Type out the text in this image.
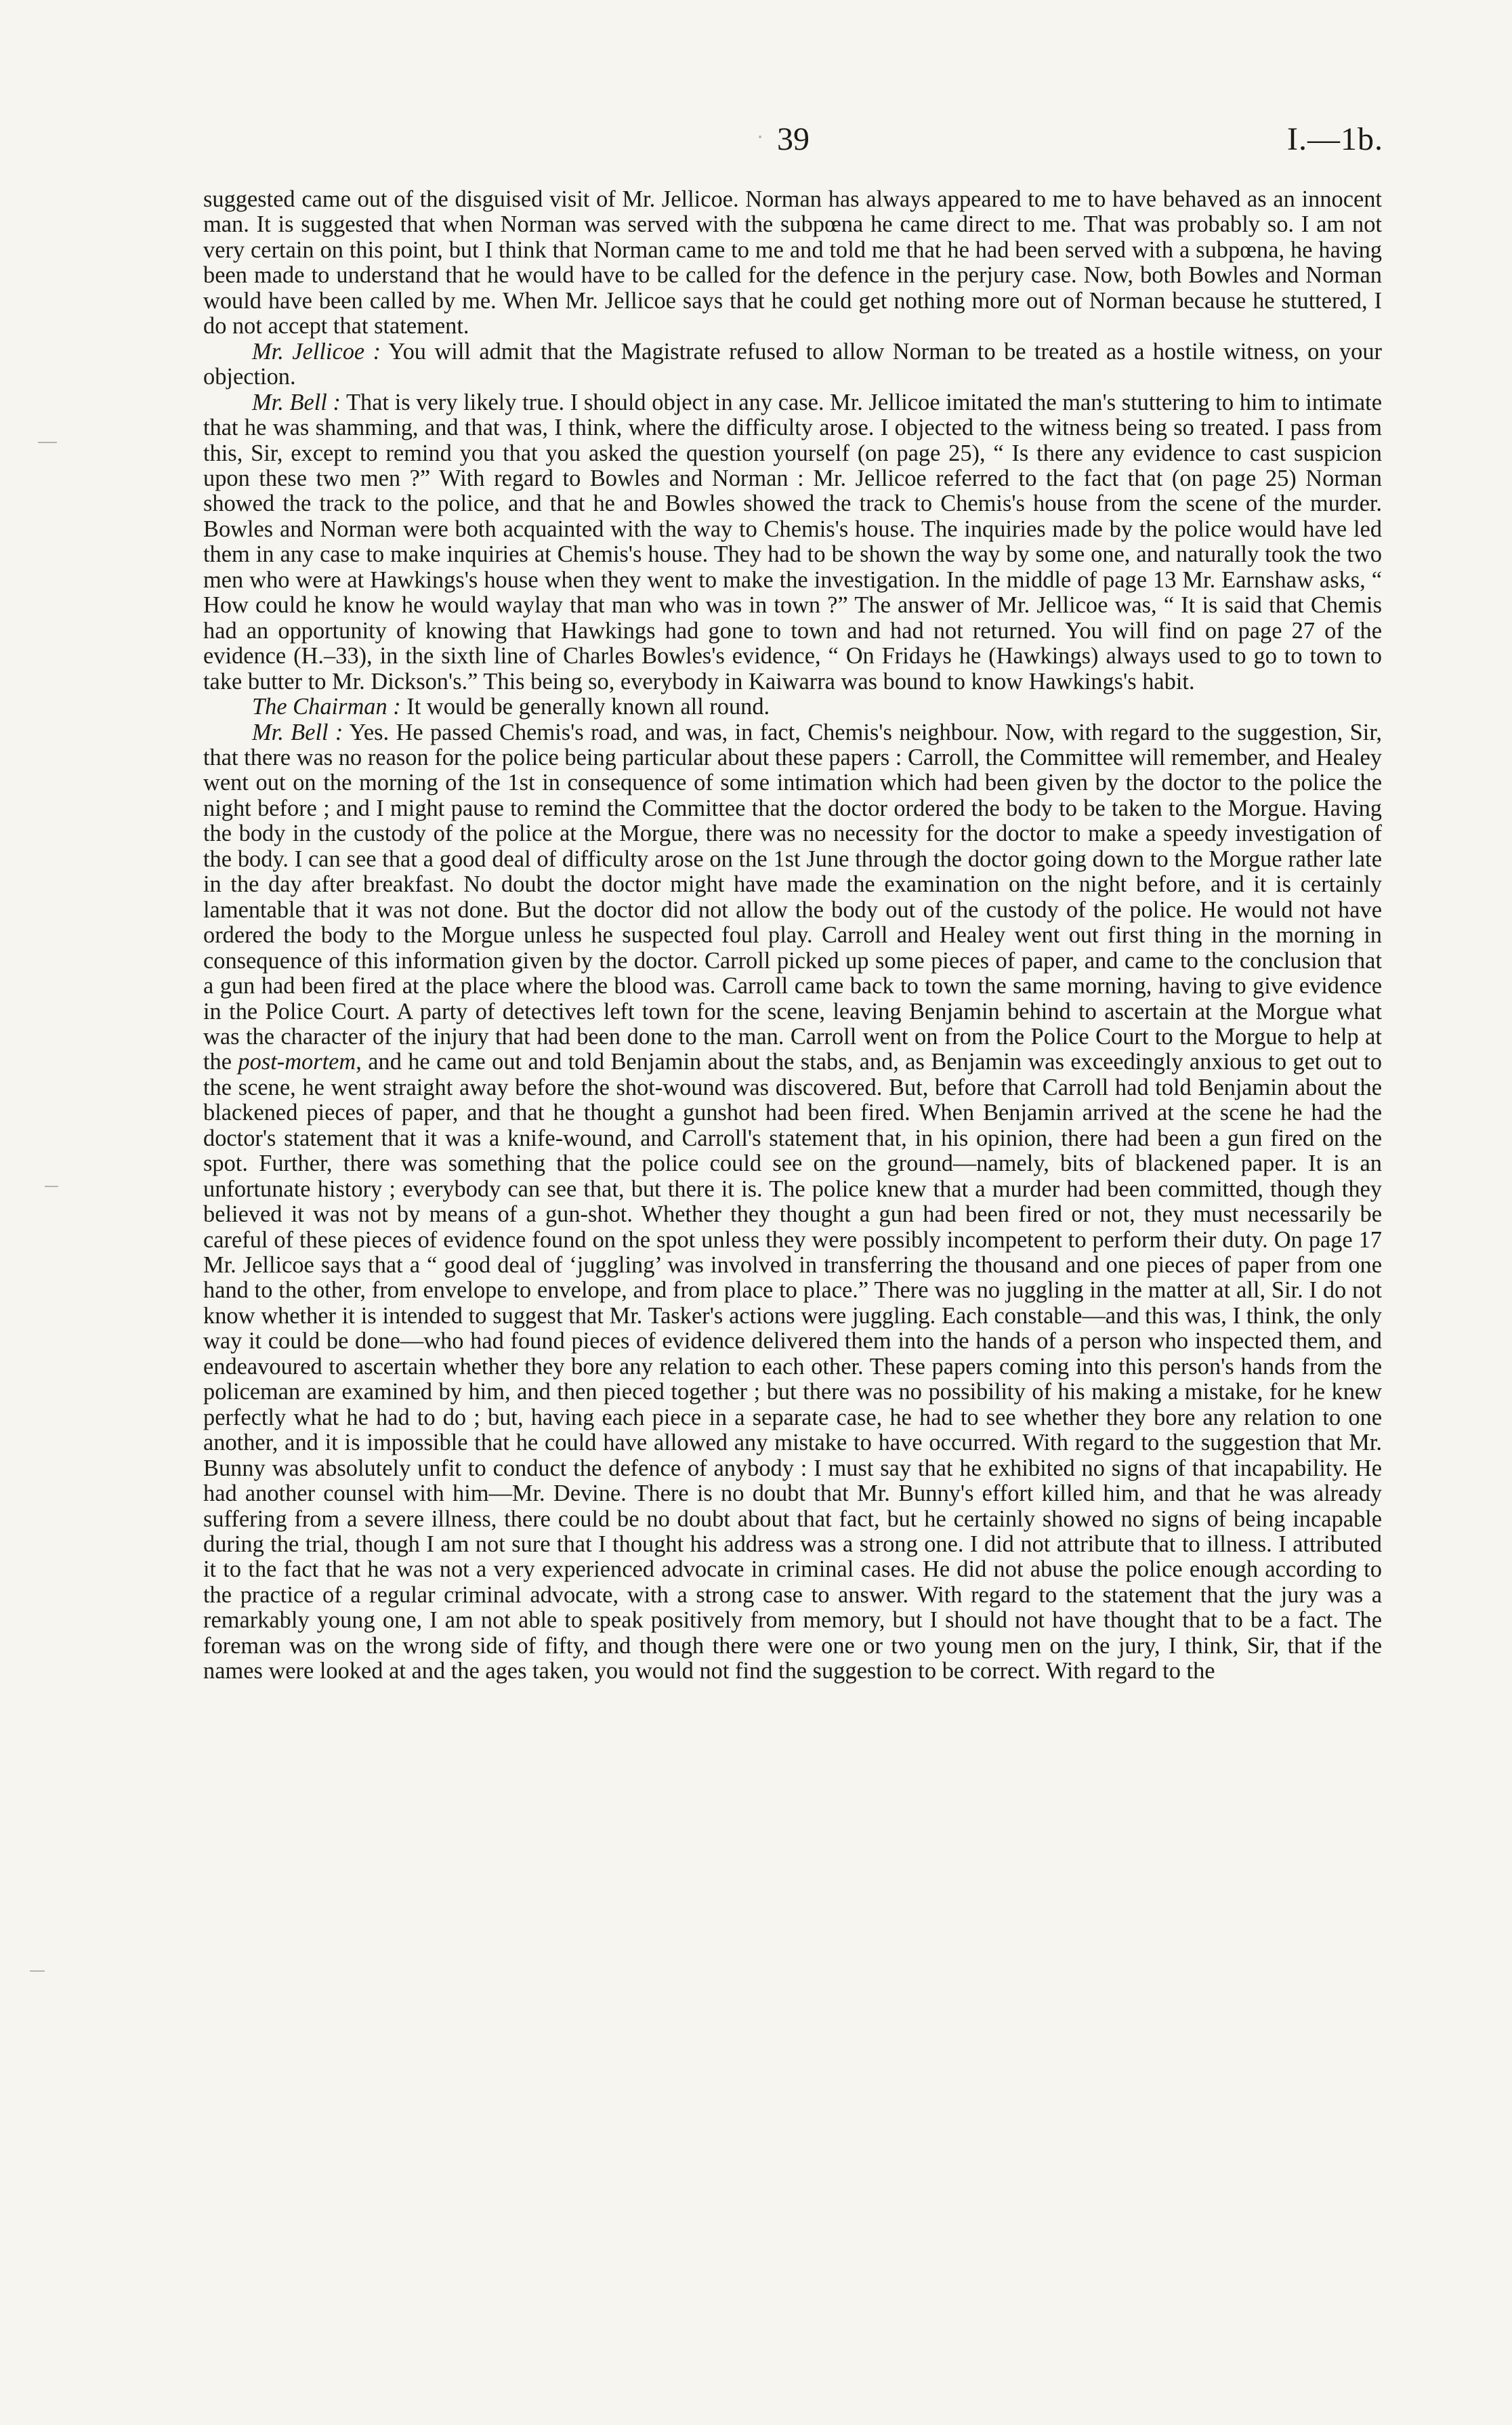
39	I.—1b.

suggested came out of the disguised visit of Mr. Jellicoe. Norman has always appeared to me to have behaved as an innocent man. It is suggested that when Norman was served with the subpœna he came direct to me. That was probably so. I am not very certain on this point, but I think that Norman came to me and told me that he had been served with a subpœna, he having been made to understand that he would have to be called for the defence in the perjury case. Now, both Bowles and Norman would have been called by me. When Mr. Jellicoe says that he could get nothing more out of Norman because he stuttered, I do not accept that statement.

Mr. Jellicoe : You will admit that the Magistrate refused to allow Norman to be treated as a hostile witness, on your objection.

Mr. Bell : That is very likely true. I should object in any case. Mr. Jellicoe imitated the man's stuttering to him to intimate that he was shamming, and that was, I think, where the difficulty arose. I objected to the witness being so treated. I pass from this, Sir, except to remind you that you asked the question yourself (on page 25), “ Is there any evidence to cast suspicion upon these two men ?” With regard to Bowles and Norman : Mr. Jellicoe referred to the fact that (on page 25) Norman showed the track to the police, and that he and Bowles showed the track to Chemis's house from the scene of the murder. Bowles and Norman were both acquainted with the way to Chemis's house. The inquiries made by the police would have led them in any case to make inquiries at Chemis's house. They had to be shown the way by some one, and naturally took the two men who were at Hawkings's house when they went to make the investigation. In the middle of page 13 Mr. Earnshaw asks, “ How could he know he would waylay that man who was in town ?” The answer of Mr. Jellicoe was, “ It is said that Chemis had an opportunity of knowing that Hawkings had gone to town and had not returned. You will find on page 27 of the evidence (H.–33), in the sixth line of Charles Bowles's evidence, “ On Fridays he (Hawkings) always used to go to town to take butter to Mr. Dickson's.” This being so, everybody in Kaiwarra was bound to know Hawkings's habit.

The Chairman : It would be generally known all round.

Mr. Bell : Yes. He passed Chemis's road, and was, in fact, Chemis's neighbour. Now, with regard to the suggestion, Sir, that there was no reason for the police being particular about these papers : Carroll, the Committee will remember, and Healey went out on the morning of the 1st in consequence of some intimation which had been given by the doctor to the police the night before ; and I might pause to remind the Committee that the doctor ordered the body to be taken to the Morgue. Having the body in the custody of the police at the Morgue, there was no necessity for the doctor to make a speedy investigation of the body. I can see that a good deal of difficulty arose on the 1st June through the doctor going down to the Morgue rather late in the day after breakfast. No doubt the doctor might have made the examination on the night before, and it is certainly lamentable that it was not done. But the doctor did not allow the body out of the custody of the police. He would not have ordered the body to the Morgue unless he suspected foul play. Carroll and Healey went out first thing in the morning in consequence of this information given by the doctor. Carroll picked up some pieces of paper, and came to the conclusion that a gun had been fired at the place where the blood was. Carroll came back to town the same morning, having to give evidence in the Police Court. A party of detectives left town for the scene, leaving Benjamin behind to ascertain at the Morgue what was the character of the injury that had been done to the man. Carroll went on from the Police Court to the Morgue to help at the post-mortem, and he came out and told Benjamin about the stabs, and, as Benjamin was exceedingly anxious to get out to the scene, he went straight away before the shot-wound was discovered. But, before that Carroll had told Benjamin about the blackened pieces of paper, and that he thought a gunshot had been fired. When Benjamin arrived at the scene he had the doctor's statement that it was a knife-wound, and Carroll's statement that, in his opinion, there had been a gun fired on the spot. Further, there was something that the police could see on the ground—namely, bits of blackened paper. It is an unfortunate history ; everybody can see that, but there it is. The police knew that a murder had been committed, though they believed it was not by means of a gun-shot. Whether they thought a gun had been fired or not, they must necessarily be careful of these pieces of evidence found on the spot unless they were possibly incompetent to perform their duty. On page 17 Mr. Jellicoe says that a “ good deal of ‘juggling’ was involved in transferring the thousand and one pieces of paper from one hand to the other, from envelope to envelope, and from place to place.” There was no juggling in the matter at all, Sir. I do not know whether it is intended to suggest that Mr. Tasker's actions were juggling. Each constable—and this was, I think, the only way it could be done—who had found pieces of evidence delivered them into the hands of a person who inspected them, and endeavoured to ascertain whether they bore any relation to each other. These papers coming into this person's hands from the policeman are examined by him, and then pieced together ; but there was no possibility of his making a mistake, for he knew perfectly what he had to do ; but, having each piece in a separate case, he had to see whether they bore any relation to one another, and it is impossible that he could have allowed any mistake to have occurred. With regard to the suggestion that Mr. Bunny was absolutely unfit to conduct the defence of anybody : I must say that he exhibited no signs of that incapability. He had another counsel with him—Mr. Devine. There is no doubt that Mr. Bunny's effort killed him, and that he was already suffering from a severe illness, there could be no doubt about that fact, but he certainly showed no signs of being incapable during the trial, though I am not sure that I thought his address was a strong one. I did not attribute that to illness. I attributed it to the fact that he was not a very experienced advocate in criminal cases. He did not abuse the police enough according to the practice of a regular criminal advocate, with a strong case to answer. With regard to the statement that the jury was a remarkably young one, I am not able to speak positively from memory, but I should not have thought that to be a fact. The foreman was on the wrong side of fifty, and though there were one or two young men on the jury, I think, Sir, that if the names were looked at and the ages taken, you would not find the suggestion to be correct. With regard to the
